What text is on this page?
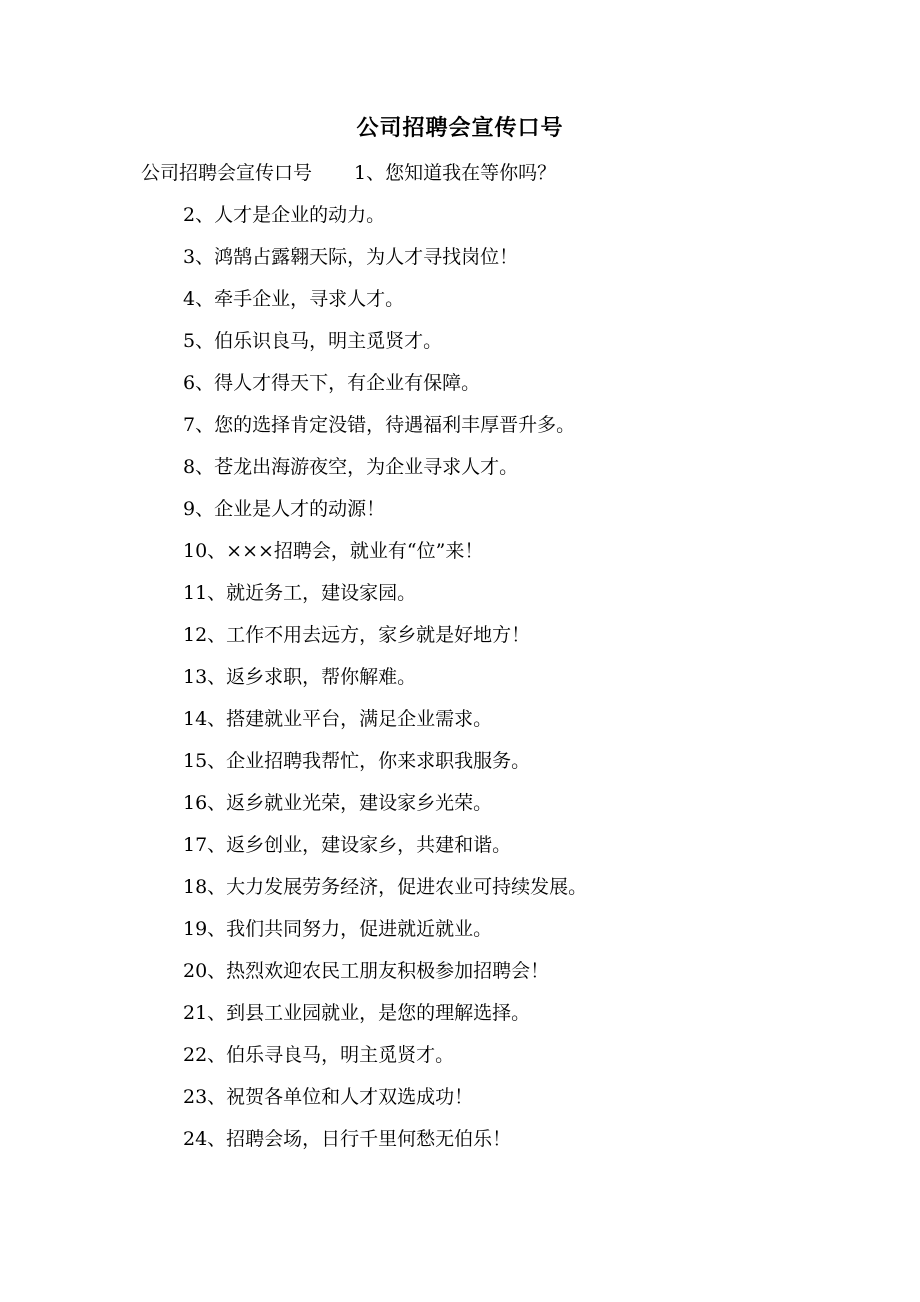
公司招聘会宣传口号
公司招聘会宣传口号 1、您知道我在等你吗？
2、人才是企业的动力。
3、鸿鹄占露翱天际，为人才寻找岗位！
4、牵手企业，寻求人才。
5、伯乐识良马，明主觅贤才。
6、得人才得天下，有企业有保障。
7、您的选择肯定没错，待遇福利丰厚晋升多。
8、苍龙出海游夜空，为企业寻求人才。
9、企业是人才的动源！
10、×××招聘会，就业有“位”来！
11、就近务工，建设家园。
12、工作不用去远方，家乡就是好地方！
13、返乡求职，帮你解难。
14、搭建就业平台，满足企业需求。
15、企业招聘我帮忙，你来求职我服务。
16、返乡就业光荣，建设家乡光荣。
17、返乡创业，建设家乡，共建和谐。
18、大力发展劳务经济，促进农业可持续发展。
19、我们共同努力，促进就近就业。
20、热烈欢迎农民工朋友积极参加招聘会！
21、到县工业园就业，是您的理解选择。
22、伯乐寻良马，明主觅贤才。
23、祝贺各单位和人才双选成功！
24、招聘会场，日行千里何愁无伯乐！
